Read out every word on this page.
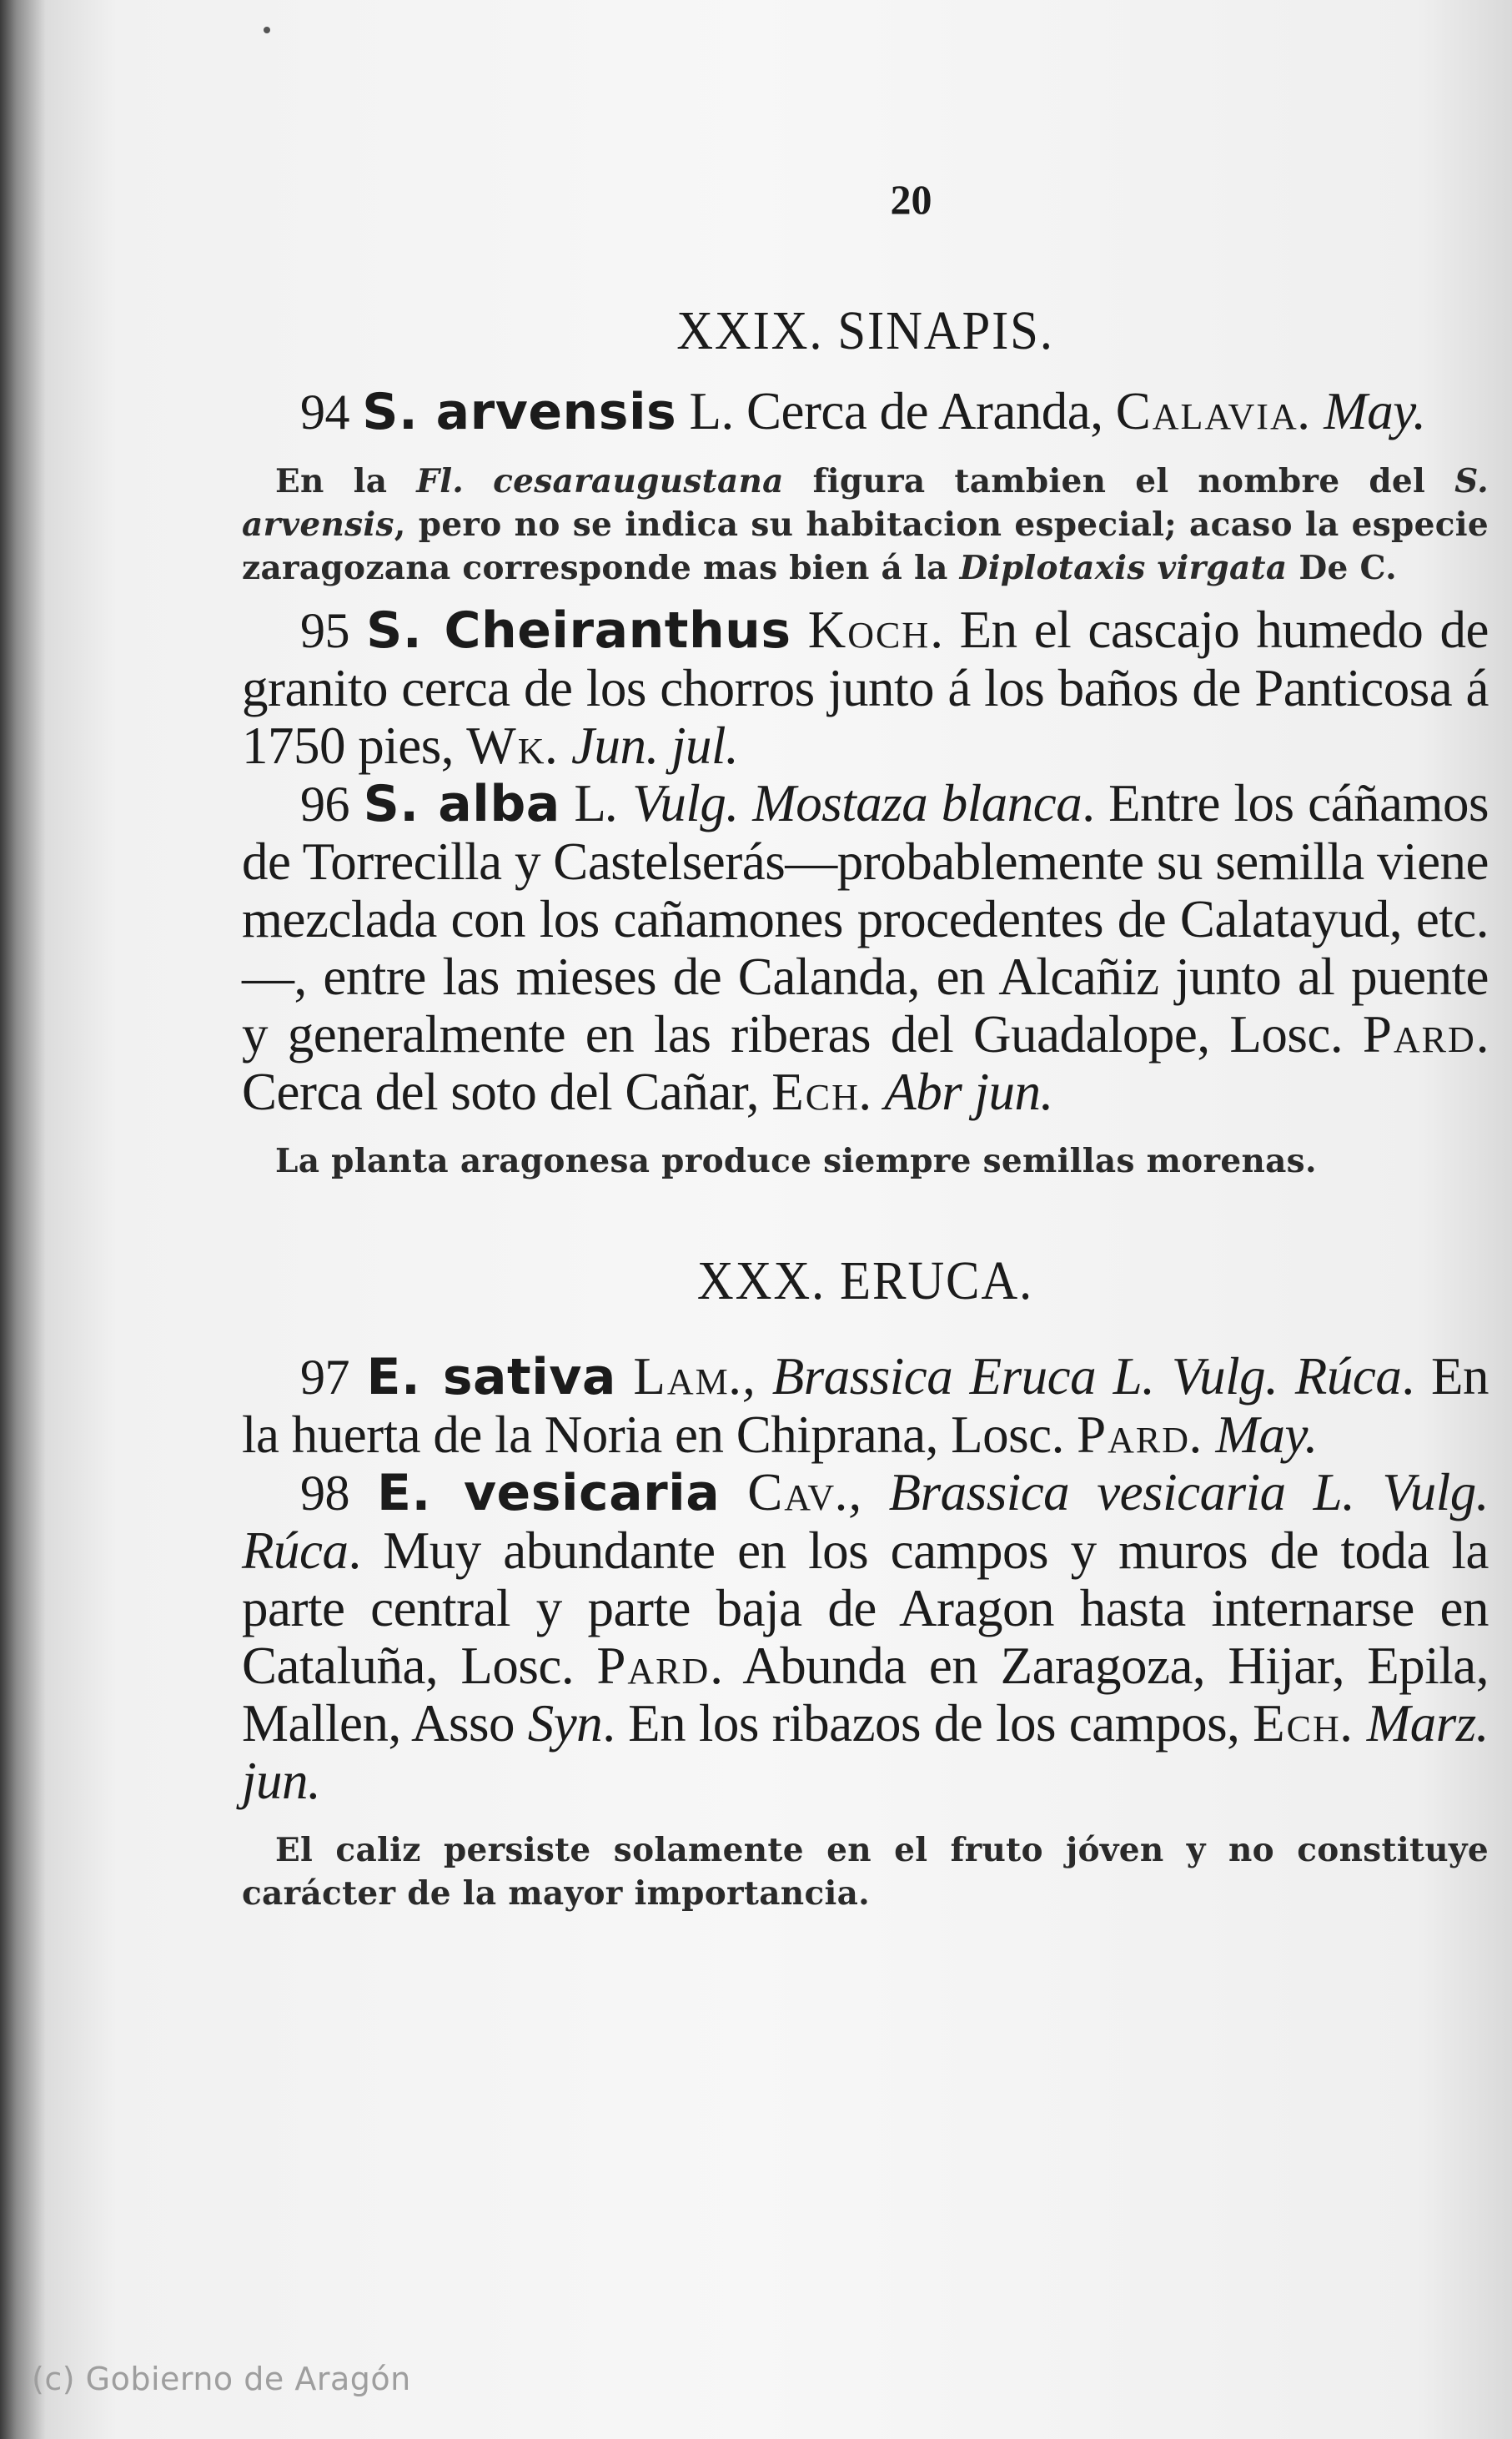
20
XXIX. SINAPIS.

94 S. arvensis L. Cerca de Aranda, Calavia. May.

En la Fl. cesaraugustana figura tambien el nombre del S. arvensis, pero no se indica su habitacion especial; acaso la especie zaragozana corresponde mas bien á la Diplotaxis virgata De C.

95 S. Cheiranthus Koch. En el cascajo humedo de granito cerca de los chorros junto á los baños de Panticosa á 1750 pies, Wk. Jun. jul.

96 S. alba L. Vulg. Mostaza blanca. Entre los cáñamos de Torrecilla y Castelserás—probablemente su semilla viene mezclada con los cañamones procedentes de Calatayud, etc.—, entre las mieses de Calanda, en Alcañiz junto al puente y generalmente en las riberas del Guadalope, Losc. Pard. Cerca del soto del Cañar, Ech. Abr jun.

La planta aragonesa produce siempre semillas morenas.

XXX. ERUCA.

97 E. sativa Lam., Brassica Eruca L. Vulg. Rúca. En la huerta de la Noria en Chiprana, Losc. Pard. May.

98 E. vesicaria Cav., Brassica vesicaria L. Vulg. Rúca. Muy abundante en los campos y muros de toda la parte central y parte baja de Aragon hasta internarse en Cataluña, Losc. Pard. Abunda en Zaragoza, Hijar, Epila, Mallen, Asso Syn. En los ribazos de los campos, Ech. Marz. jun.

El caliz persiste solamente en el fruto jóven y no constituye carácter de la mayor importancia.

(c) Gobierno de Aragón
